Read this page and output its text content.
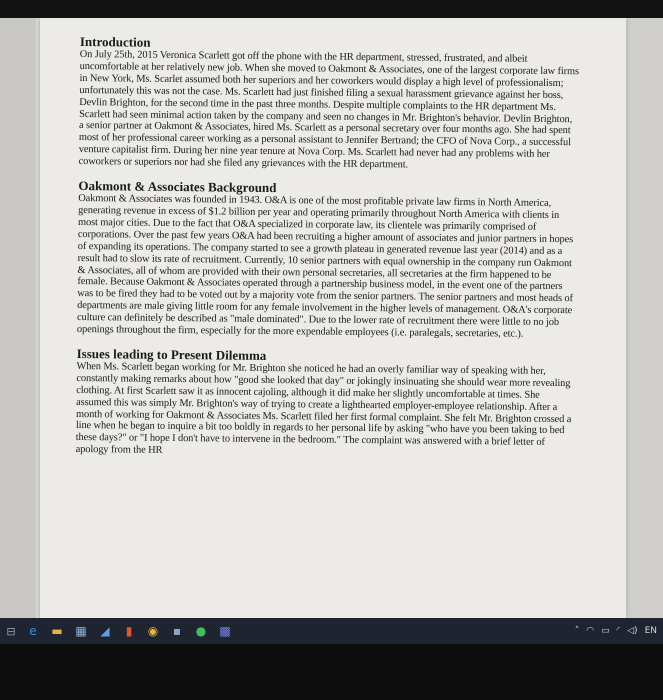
Introduction

On July 25th, 2015 Veronica Scarlett got off the phone with the HR department, stressed, frustrated, and albeit uncomfortable at her relatively new job. When she moved to Oakmont & Associates, one of the largest corporate law firms in New York, Ms. Scarlet assumed both her superiors and her coworkers would display a high level of professionalism; unfortunately this was not the case. Ms. Scarlett had just finished filing a sexual harassment grievance against her boss, Devlin Brighton, for the second time in the past three months. Despite multiple complaints to the HR department Ms. Scarlett had seen minimal action taken by the company and seen no changes in Mr. Brighton's behavior. Devlin Brighton, a senior partner at Oakmont & Associates, hired Ms. Scarlett as a personal secretary over four months ago. She had spent most of her professional career working as a personal assistant to Jennifer Bertrand; the CFO of Nova Corp., a successful venture capitalist firm. During her nine year tenure at Nova Corp. Ms. Scarlett had never had any problems with her coworkers or superiors nor had she filed any grievances with the HR department.

Oakmont & Associates Background

Oakmont & Associates was founded in 1943. O&A is one of the most profitable private law firms in North America, generating revenue in excess of $1.2 billion per year and operating primarily throughout North America with clients in most major cities. Due to the fact that O&A specialized in corporate law, its clientele was primarily comprised of corporations. Over the past few years O&A had been recruiting a higher amount of associates and junior partners in hopes of expanding its operations. The company started to see a growth plateau in generated revenue last year (2014) and as a result had to slow its rate of recruitment. Currently, 10 senior partners with equal ownership in the company run Oakmont & Associates, all of whom are provided with their own personal secretaries, all secretaries at the firm happened to be female. Because Oakmont & Associates operated through a partnership business model, in the event one of the partners was to be fired they had to be voted out by a majority vote from the senior partners. The senior partners and most heads of departments are male giving little room for any female involvement in the higher levels of management. O&A's corporate culture can definitely be described as "male dominated". Due to the lower rate of recruitment there were little to no job openings throughout the firm, especially for the more expendable employees (i.e. paralegals, secretaries, etc.).

Issues leading to Present Dilemma

When Ms. Scarlett began working for Mr. Brighton she noticed he had an overly familiar way of speaking with her, constantly making remarks about how "good she looked that day" or jokingly insinuating she should wear more revealing clothing. At first Scarlett saw it as innocent cajoling, although it did make her slightly uncomfortable at times. She assumed this was simply Mr. Brighton's way of trying to create a lighthearted employer-employee relationship. After a month of working for Oakmont & Associates Ms. Scarlett filed her first formal complaint. She felt Mr. Brighton crossed a line when he began to inquire a bit too boldly in regards to her personal life by asking "who have you been taking to bed these days?" or "I hope I don't have to intervene in the bedroom." The complaint was answered with a brief letter of apology from the HR

⊟	e	▬ ▦	◢	▮	◉	▪	●	▩	˄ ◠ ▭ ◜ ◁) EN
